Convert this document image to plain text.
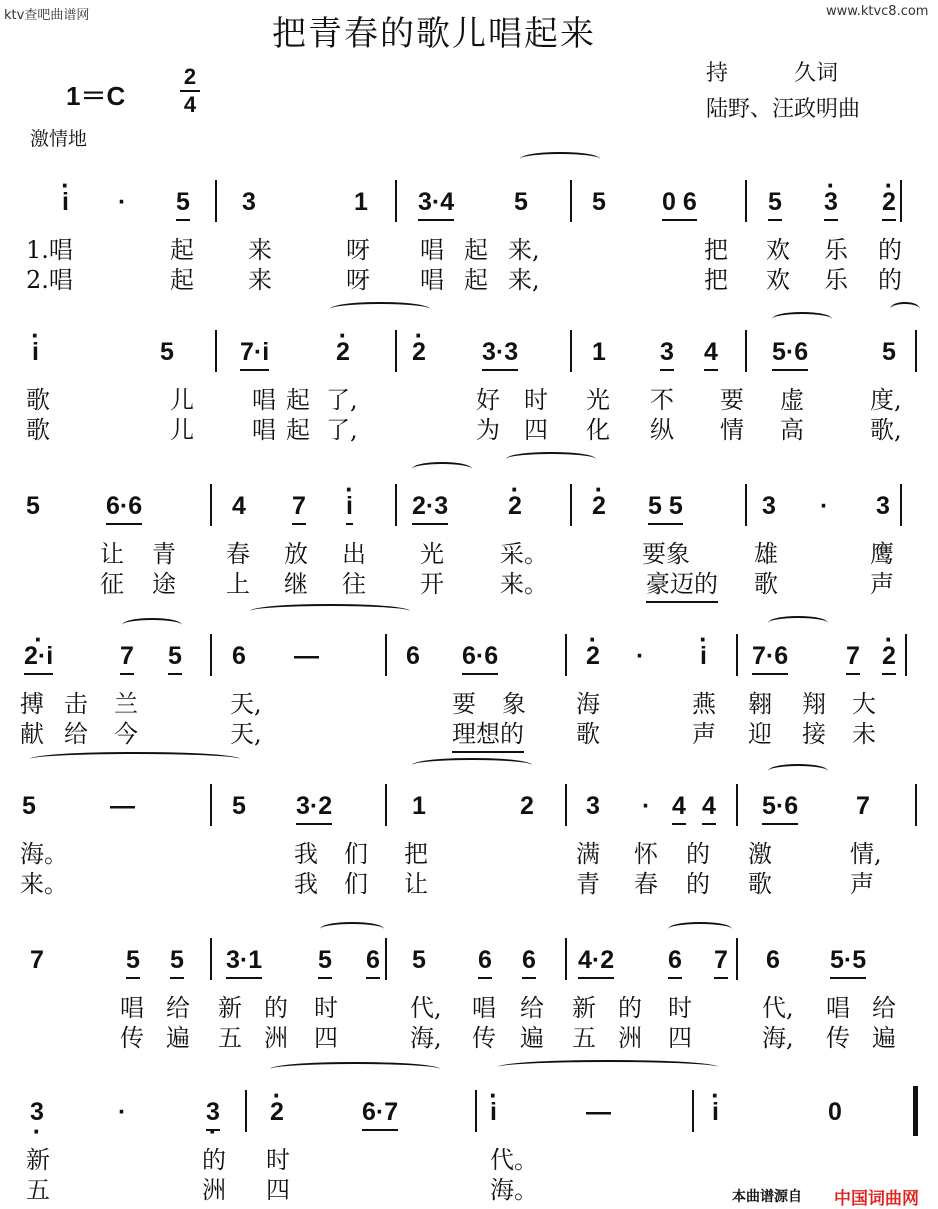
ktv查吧曲谱网	www.ktvc8.com
把青春的歌儿唱起来
持　　　久词
陆野、汪政明曲
1＝C
2
4
激情地
· i · 5 3	1 3·4 5	5 0 6	5 · 3 · 2
1.唱	起 来	呀 唱 起 来,	把 欢 乐 的
2.唱	起 来	呀 唱 起 来,	把 欢 乐 的
· i	5	7·i	· 2 · 2 3·3	1 3 4 5·6	5
歌	儿 唱 起 了,	好 时 光 不 要 虚	度,
歌	儿 唱 起 了,	为 四 化 纵 情 高	歌,
5	6·6	4 7 · i 2·3 · 2	· 2 5 5	3 · 3
让 青 春 放 出 光 采。	要象	雄	鹰
征 途 上 继 往 开 来。	豪迈的 歌	声
· 2·i	7 5 6 —	6 6·6	· 2 · · i 7·6 7 · 2
搏 击 兰	天,	要 象 海	燕 翱 翔 大
献 给 今	天,	理想的 歌	声 迎 接 未
5	—	5 3·2	1	2 3 · 4 4 5·6 7
海。	我 们 把	满 怀 的 激	情,
来。	我 们 让	青 春 的 歌	声
7	5 5 3·1 5 6 5 6 6 4·2 6 7 6 5·5
唱 给 新 的 时	代, 唱 给 新 的 时	代, 唱 给
传 遍 五 洲 四	海, 传 遍 五 洲 四	海, 传 遍
3 ·	·	3 · · 2	6·7	· i	—	· i	0
新	的 时	代。
五	洲 四	海。	本曲谱源自 中国词曲网
